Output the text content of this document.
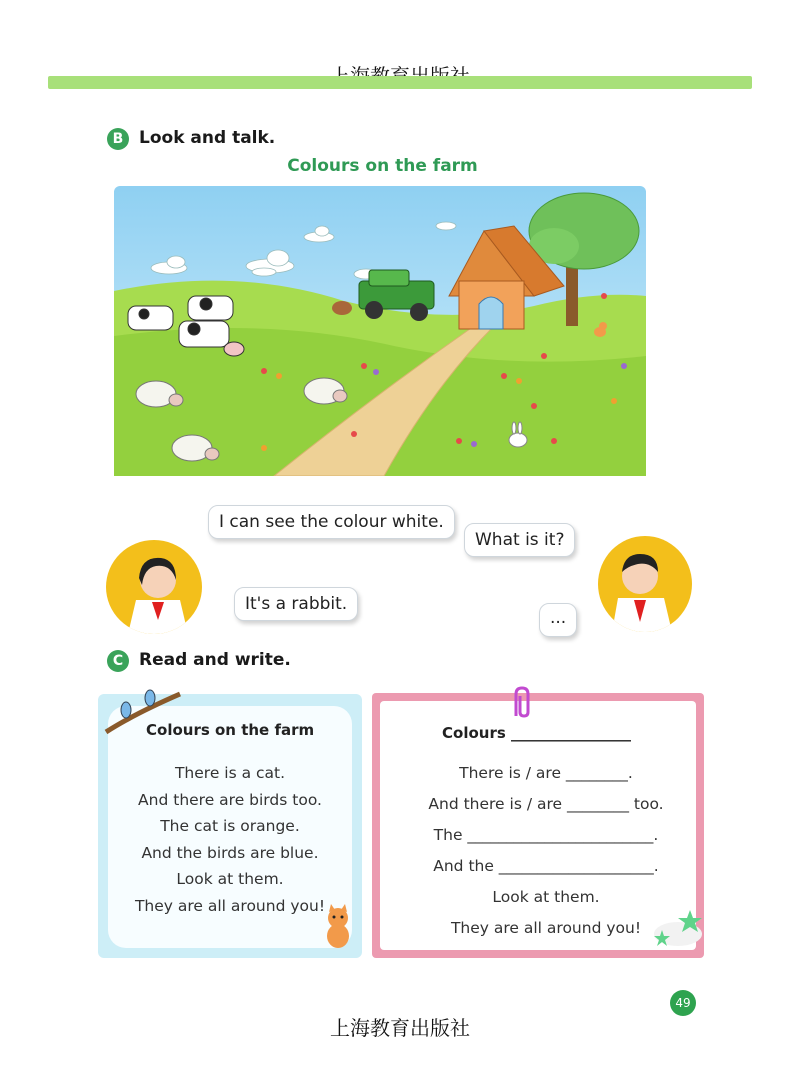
B Look and talk.
Colours on the farm
I can see the colour white.
It's a rabbit.
What is it?
...
C Read and write.
Colours on the farm
There is a cat.
And there are birds too.
The cat is orange.
And the birds are blue.
Look at them.
They are all around you!
Colours ________________
There is / are ________.
And there is / are ________ too.
The ________________________.
And the ____________________.
Look at them.
They are all around you!
49
上海教育出版社
